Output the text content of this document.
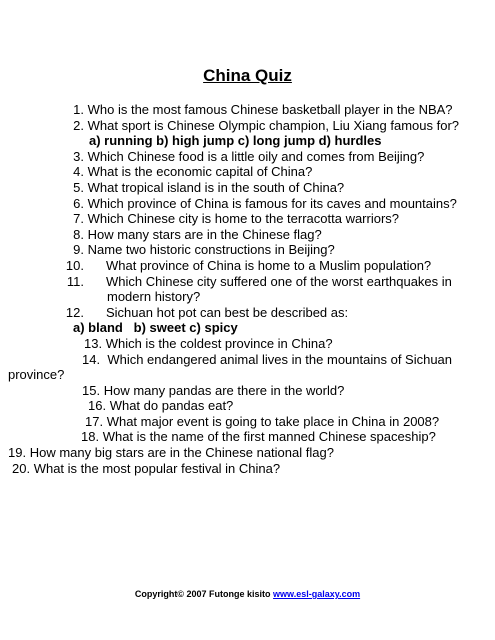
China Quiz

1. Who is the most famous Chinese basketball player in the NBA?

2. What sport is Chinese Olympic champion, Liu Xiang famous for?

a) running b) high jump c) long jump d) hurdles

3. Which Chinese food is a little oily and comes from Beijing?

4. What is the economic capital of China?

5. What tropical island is in the south of China?

6. Which province of China is famous for its caves and mountains?

7. Which Chinese city is home to the terracotta warriors?

8. How many stars are in the Chinese flag?

9. Name two historic constructions in Beijing?

10. What province of China is home to a Muslim population?

11. Which Chinese city suffered one of the worst earthquakes in modern history?

12. Sichuan hot pot can best be described as:

a) bland   b) sweet c) spicy

13. Which is the coldest province in China?

14. Which endangered animal lives in the mountains of Sichuan province?

15. How many pandas are there in the world?

16. What do pandas eat?

17. What major event is going to take place in China in 2008?

18. What is the name of the first manned Chinese spaceship?

19. How many big stars are in the Chinese national flag?

20. What is the most popular festival in China?

Copyright© 2007 Futonge kisito www.esl-galaxy.com
